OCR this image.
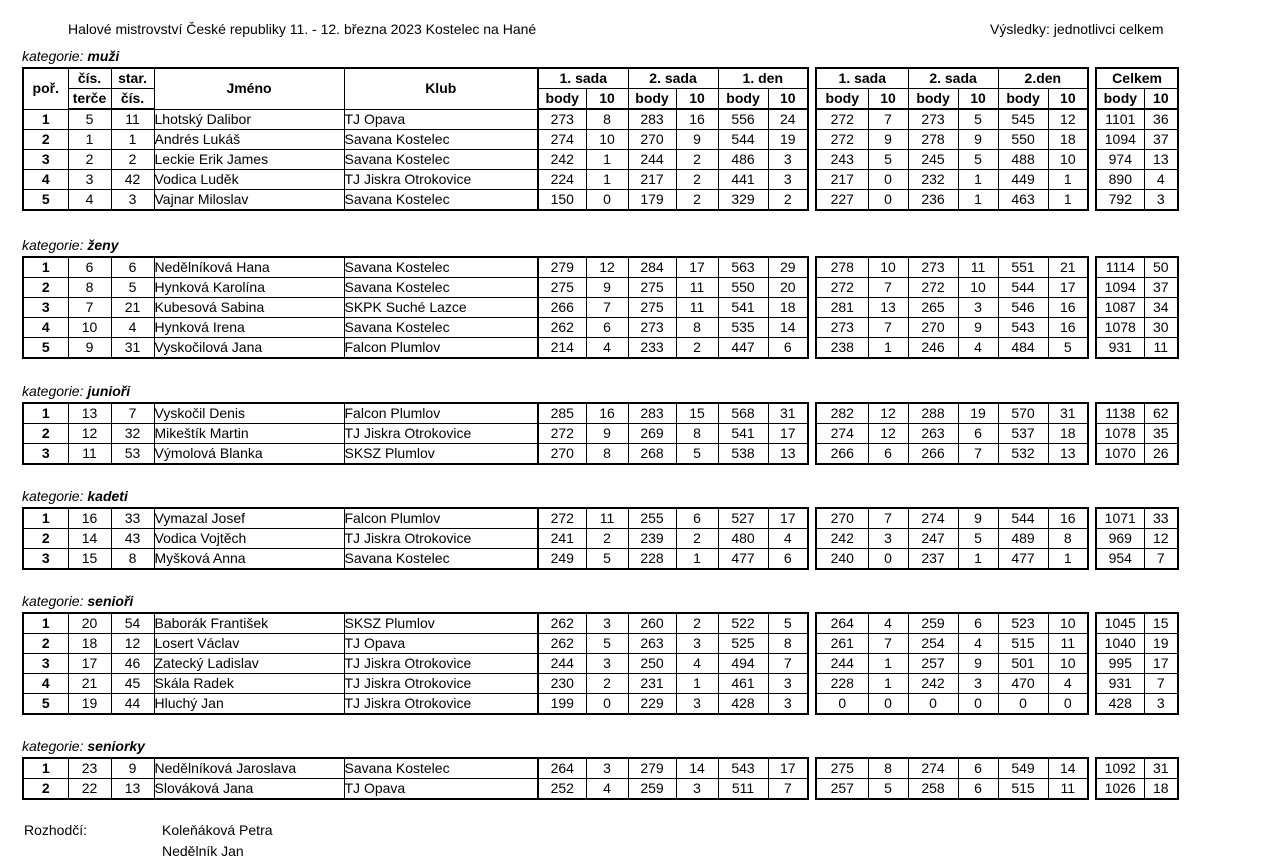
Halové mistrovství České republiky 11. - 12. března 2023 Kostelec na Hané	Výsledky: jednotlivci celkem
kategorie: muži
poř.	čís.	star.	Jméno	Klub	1. sada		2. sada		1. den			1. sada		2. sada		2.den			Celkem	
	terče	čís.			body	10	body	10	body	10		body	10	body	10	body	10		body	10
1	5	11	Lhotský Dalibor	TJ Opava	273	8	283	16	556	24		272	7	273	5	545	12		1101	36
2	1	1	Andrés Lukáš	Savana Kostelec	274	10	270	9	544	19		272	9	278	9	550	18		1094	37
3	2	2	Leckie Erik James	Savana Kostelec	242	1	244	2	486	3		243	5	245	5	488	10		974	13
4	3	42	Vodica Luděk	TJ Jiskra Otrokovice	224	1	217	2	441	3		217	0	232	1	449	1		890	4
5	4	3	Vajnar Miloslav	Savana Kostelec	150	0	179	2	329	2		227	0	236	1	463	1		792	3
kategorie: ženy
1	6	6	Nedělníková Hana	Savana Kostelec	279	12	284	17	563	29		278	10	273	11	551	21		1114	50
2	8	5	Hynková Karolína	Savana Kostelec	275	9	275	11	550	20		272	7	272	10	544	17		1094	37
3	7	21	Kubesová Sabina	SKPK Suché Lazce	266	7	275	11	541	18		281	13	265	3	546	16		1087	34
4	10	4	Hynková Irena	Savana Kostelec	262	6	273	8	535	14		273	7	270	9	543	16		1078	30
5	9	31	Vyskočilová Jana	Falcon Plumlov	214	4	233	2	447	6		238	1	246	4	484	5		931	11
kategorie: junioři
1	13	7	Vyskočil Denis	Falcon Plumlov	285	16	283	15	568	31		282	12	288	19	570	31		1138	62
2	12	32	Mikeštík Martin	TJ Jiskra Otrokovice	272	9	269	8	541	17		274	12	263	6	537	18		1078	35
3	11	53	Výmolová Blanka	SKSZ Plumlov	270	8	268	5	538	13		266	6	266	7	532	13		1070	26
kategorie: kadeti
1	16	33	Vymazal Josef	Falcon Plumlov	272	11	255	6	527	17		270	7	274	9	544	16		1071	33
2	14	43	Vodica Vojtěch	TJ Jiskra Otrokovice	241	2	239	2	480	4		242	3	247	5	489	8		969	12
3	15	8	Myšková Anna	Savana Kostelec	249	5	228	1	477	6		240	0	237	1	477	1		954	7
kategorie: senioři
1	20	54	Baborák František	SKSZ Plumlov	262	3	260	2	522	5		264	4	259	6	523	10		1045	15
2	18	12	Losert Václav	TJ Opava	262	5	263	3	525	8		261	7	254	4	515	11		1040	19
3	17	46	Zatecký Ladislav	TJ Jiskra Otrokovice	244	3	250	4	494	7		244	1	257	9	501	10		995	17
4	21	45	Skála Radek	TJ Jiskra Otrokovice	230	2	231	1	461	3		228	1	242	3	470	4		931	7
5	19	44	Hluchý Jan	TJ Jiskra Otrokovice	199	0	229	3	428	3		0	0	0	0	0	0		428	3
kategorie: seniorky
1	23	9	Nedělníková Jaroslava	Savana Kostelec	264	3	279	14	543	17		275	8	274	6	549	14		1092	31
2	22	13	Slováková Jana	TJ Opava	252	4	259	3	511	7		257	5	258	6	515	11		1026	18
Rozhodčí:	Koleňáková Petra
Nedělník Jan
